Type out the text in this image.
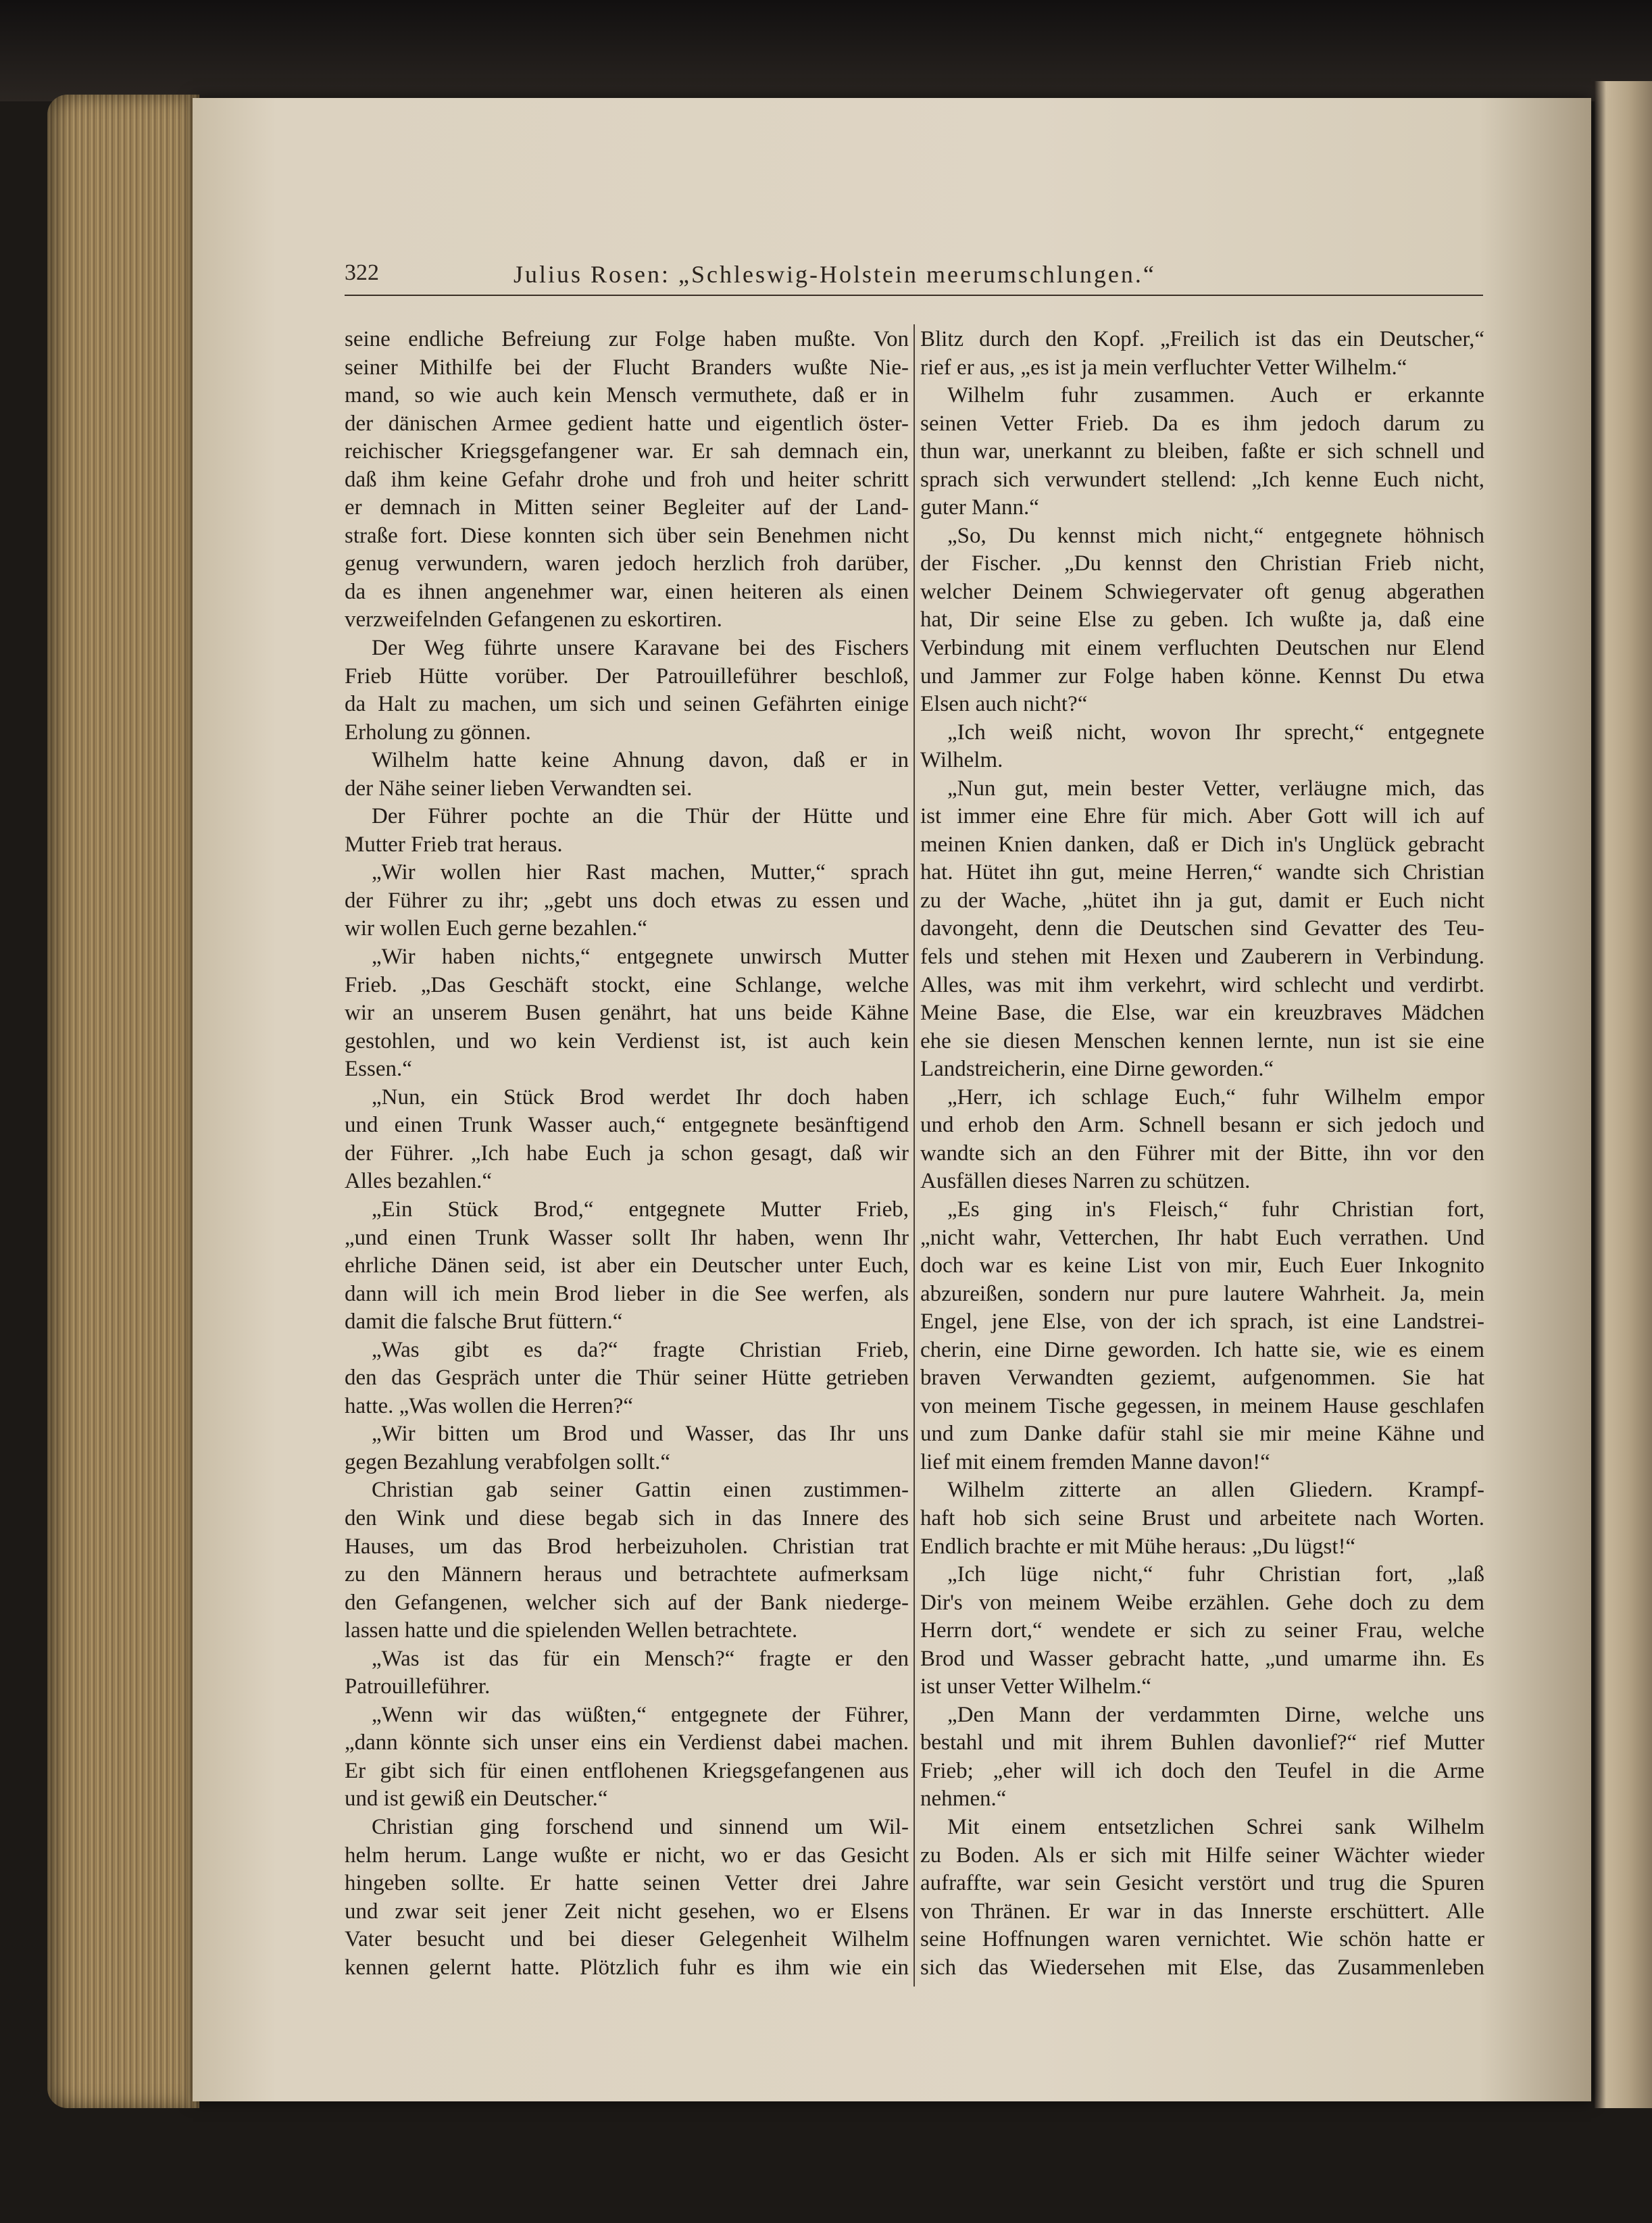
322	Julius Rosen: „Schleswig-Holstein meerumschlungen.“
seine endliche Befreiung zur Folge haben mußte. Von
seiner Mithilfe bei der Flucht Branders wußte Nie-
mand, so wie auch kein Mensch vermuthete, daß er in
der dänischen Armee gedient hatte und eigentlich öster-
reichischer Kriegsgefangener war. Er sah demnach ein,
daß ihm keine Gefahr drohe und froh und heiter schritt
er demnach in Mitten seiner Begleiter auf der Land-
straße fort. Diese konnten sich über sein Benehmen nicht
genug verwundern, waren jedoch herzlich froh darüber,
da es ihnen angenehmer war, einen heiteren als einen
verzweifelnden Gefangenen zu eskortiren.
Der Weg führte unsere Karavane bei des Fischers
Frieb Hütte vorüber. Der Patrouilleführer beschloß,
da Halt zu machen, um sich und seinen Gefährten einige
Erholung zu gönnen.
Wilhelm hatte keine Ahnung davon, daß er in
der Nähe seiner lieben Verwandten sei.
Der Führer pochte an die Thür der Hütte und
Mutter Frieb trat heraus.
„Wir wollen hier Rast machen, Mutter,“ sprach
der Führer zu ihr; „gebt uns doch etwas zu essen und
wir wollen Euch gerne bezahlen.“
„Wir haben nichts,“ entgegnete unwirsch Mutter
Frieb. „Das Geschäft stockt, eine Schlange, welche
wir an unserem Busen genährt, hat uns beide Kähne
gestohlen, und wo kein Verdienst ist, ist auch kein
Essen.“
„Nun, ein Stück Brod werdet Ihr doch haben
und einen Trunk Wasser auch,“ entgegnete besänftigend
der Führer. „Ich habe Euch ja schon gesagt, daß wir
Alles bezahlen.“
„Ein Stück Brod,“ entgegnete Mutter Frieb,
„und einen Trunk Wasser sollt Ihr haben, wenn Ihr
ehrliche Dänen seid, ist aber ein Deutscher unter Euch,
dann will ich mein Brod lieber in die See werfen, als
damit die falsche Brut füttern.“
„Was gibt es da?“ fragte Christian Frieb,
den das Gespräch unter die Thür seiner Hütte getrieben
hatte. „Was wollen die Herren?“
„Wir bitten um Brod und Wasser, das Ihr uns
gegen Bezahlung verabfolgen sollt.“
Christian gab seiner Gattin einen zustimmen-
den Wink und diese begab sich in das Innere des
Hauses, um das Brod herbeizuholen. Christian trat
zu den Männern heraus und betrachtete aufmerksam
den Gefangenen, welcher sich auf der Bank niederge-
lassen hatte und die spielenden Wellen betrachtete.
„Was ist das für ein Mensch?“ fragte er den
Patrouilleführer.
„Wenn wir das wüßten,“ entgegnete der Führer,
„dann könnte sich unser eins ein Verdienst dabei machen.
Er gibt sich für einen entflohenen Kriegsgefangenen aus
und ist gewiß ein Deutscher.“
Christian ging forschend und sinnend um Wil-
helm herum. Lange wußte er nicht, wo er das Gesicht
hingeben sollte. Er hatte seinen Vetter drei Jahre
und zwar seit jener Zeit nicht gesehen, wo er Elsens
Vater besucht und bei dieser Gelegenheit Wilhelm
kennen gelernt hatte. Plötzlich fuhr es ihm wie ein
Blitz durch den Kopf. „Freilich ist das ein Deutscher,“
rief er aus, „es ist ja mein verfluchter Vetter Wilhelm.“
Wilhelm fuhr zusammen. Auch er erkannte
seinen Vetter Frieb. Da es ihm jedoch darum zu
thun war, unerkannt zu bleiben, faßte er sich schnell und
sprach sich verwundert stellend: „Ich kenne Euch nicht,
guter Mann.“
„So, Du kennst mich nicht,“ entgegnete höhnisch
der Fischer. „Du kennst den Christian Frieb nicht,
welcher Deinem Schwiegervater oft genug abgerathen
hat, Dir seine Else zu geben. Ich wußte ja, daß eine
Verbindung mit einem verfluchten Deutschen nur Elend
und Jammer zur Folge haben könne. Kennst Du etwa
Elsen auch nicht?“
„Ich weiß nicht, wovon Ihr sprecht,“ entgegnete
Wilhelm.
„Nun gut, mein bester Vetter, verläugne mich, das
ist immer eine Ehre für mich. Aber Gott will ich auf
meinen Knien danken, daß er Dich in's Unglück gebracht
hat. Hütet ihn gut, meine Herren,“ wandte sich Christian
zu der Wache, „hütet ihn ja gut, damit er Euch nicht
davongeht, denn die Deutschen sind Gevatter des Teu-
fels und stehen mit Hexen und Zauberern in Verbindung.
Alles, was mit ihm verkehrt, wird schlecht und verdirbt.
Meine Base, die Else, war ein kreuzbraves Mädchen
ehe sie diesen Menschen kennen lernte, nun ist sie eine
Landstreicherin, eine Dirne geworden.“
„Herr, ich schlage Euch,“ fuhr Wilhelm empor
und erhob den Arm. Schnell besann er sich jedoch und
wandte sich an den Führer mit der Bitte, ihn vor den
Ausfällen dieses Narren zu schützen.
„Es ging in's Fleisch,“ fuhr Christian fort,
„nicht wahr, Vetterchen, Ihr habt Euch verrathen. Und
doch war es keine List von mir, Euch Euer Inkognito
abzureißen, sondern nur pure lautere Wahrheit. Ja, mein
Engel, jene Else, von der ich sprach, ist eine Landstrei-
cherin, eine Dirne geworden. Ich hatte sie, wie es einem
braven Verwandten geziemt, aufgenommen. Sie hat
von meinem Tische gegessen, in meinem Hause geschlafen
und zum Danke dafür stahl sie mir meine Kähne und
lief mit einem fremden Manne davon!“
Wilhelm zitterte an allen Gliedern. Krampf-
haft hob sich seine Brust und arbeitete nach Worten.
Endlich brachte er mit Mühe heraus: „Du lügst!“
„Ich lüge nicht,“ fuhr Christian fort, „laß
Dir's von meinem Weibe erzählen. Gehe doch zu dem
Herrn dort,“ wendete er sich zu seiner Frau, welche
Brod und Wasser gebracht hatte, „und umarme ihn. Es
ist unser Vetter Wilhelm.“
„Den Mann der verdammten Dirne, welche uns
bestahl und mit ihrem Buhlen davonlief?“ rief Mutter
Frieb; „eher will ich doch den Teufel in die Arme
nehmen.“
Mit einem entsetzlichen Schrei sank Wilhelm
zu Boden. Als er sich mit Hilfe seiner Wächter wieder
aufraffte, war sein Gesicht verstört und trug die Spuren
von Thränen. Er war in das Innerste erschüttert. Alle
seine Hoffnungen waren vernichtet. Wie schön hatte er
sich das Wiedersehen mit Else, das Zusammenleben
